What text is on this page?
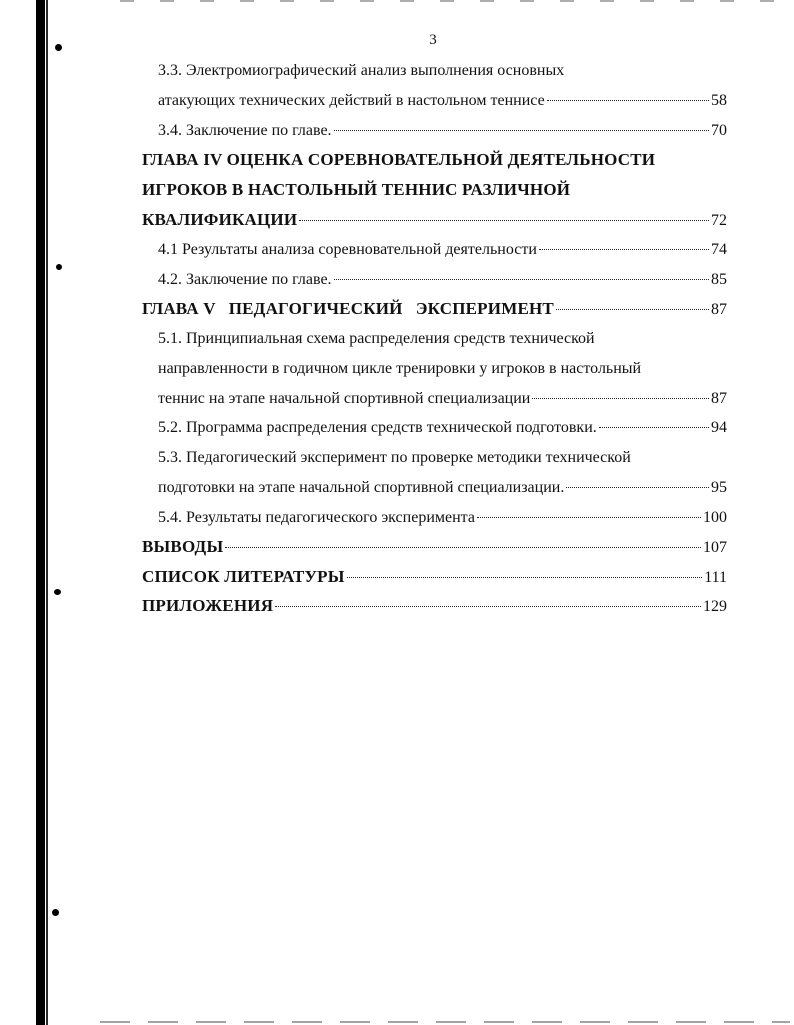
3
3.3. Электромиографический анализ выполнения основных
атакующих технических действий в настольном теннисе	58
3.4. Заключение по главе.	70
ГЛАВА IV ОЦЕНКА СОРЕВНОВАТЕЛЬНОЙ ДЕЯТЕЛЬНОСТИ
ИГРОКОВ В НАСТОЛЬНЫЙ ТЕННИС РАЗЛИЧНОЙ
КВАЛИФИКАЦИИ	72
4.1 Результаты анализа соревновательной деятельности	74
4.2. Заключение по главе.	85
ГЛАВА V   ПЕДАГОГИЧЕСКИЙ   ЭКСПЕРИМЕНТ	87
5.1. Принципиальная схема распределения средств технической
направленности в годичном цикле тренировки у игроков в настольный
теннис на этапе начальной спортивной специализации	87
5.2. Программа распределения средств технической подготовки.	94
5.3. Педагогический эксперимент по проверке методики технической
подготовки на этапе начальной спортивной специализации.	95
5.4. Результаты педагогического эксперимента	100
ВЫВОДЫ	107
СПИСОК ЛИТЕРАТУРЫ	111
ПРИЛОЖЕНИЯ	129
